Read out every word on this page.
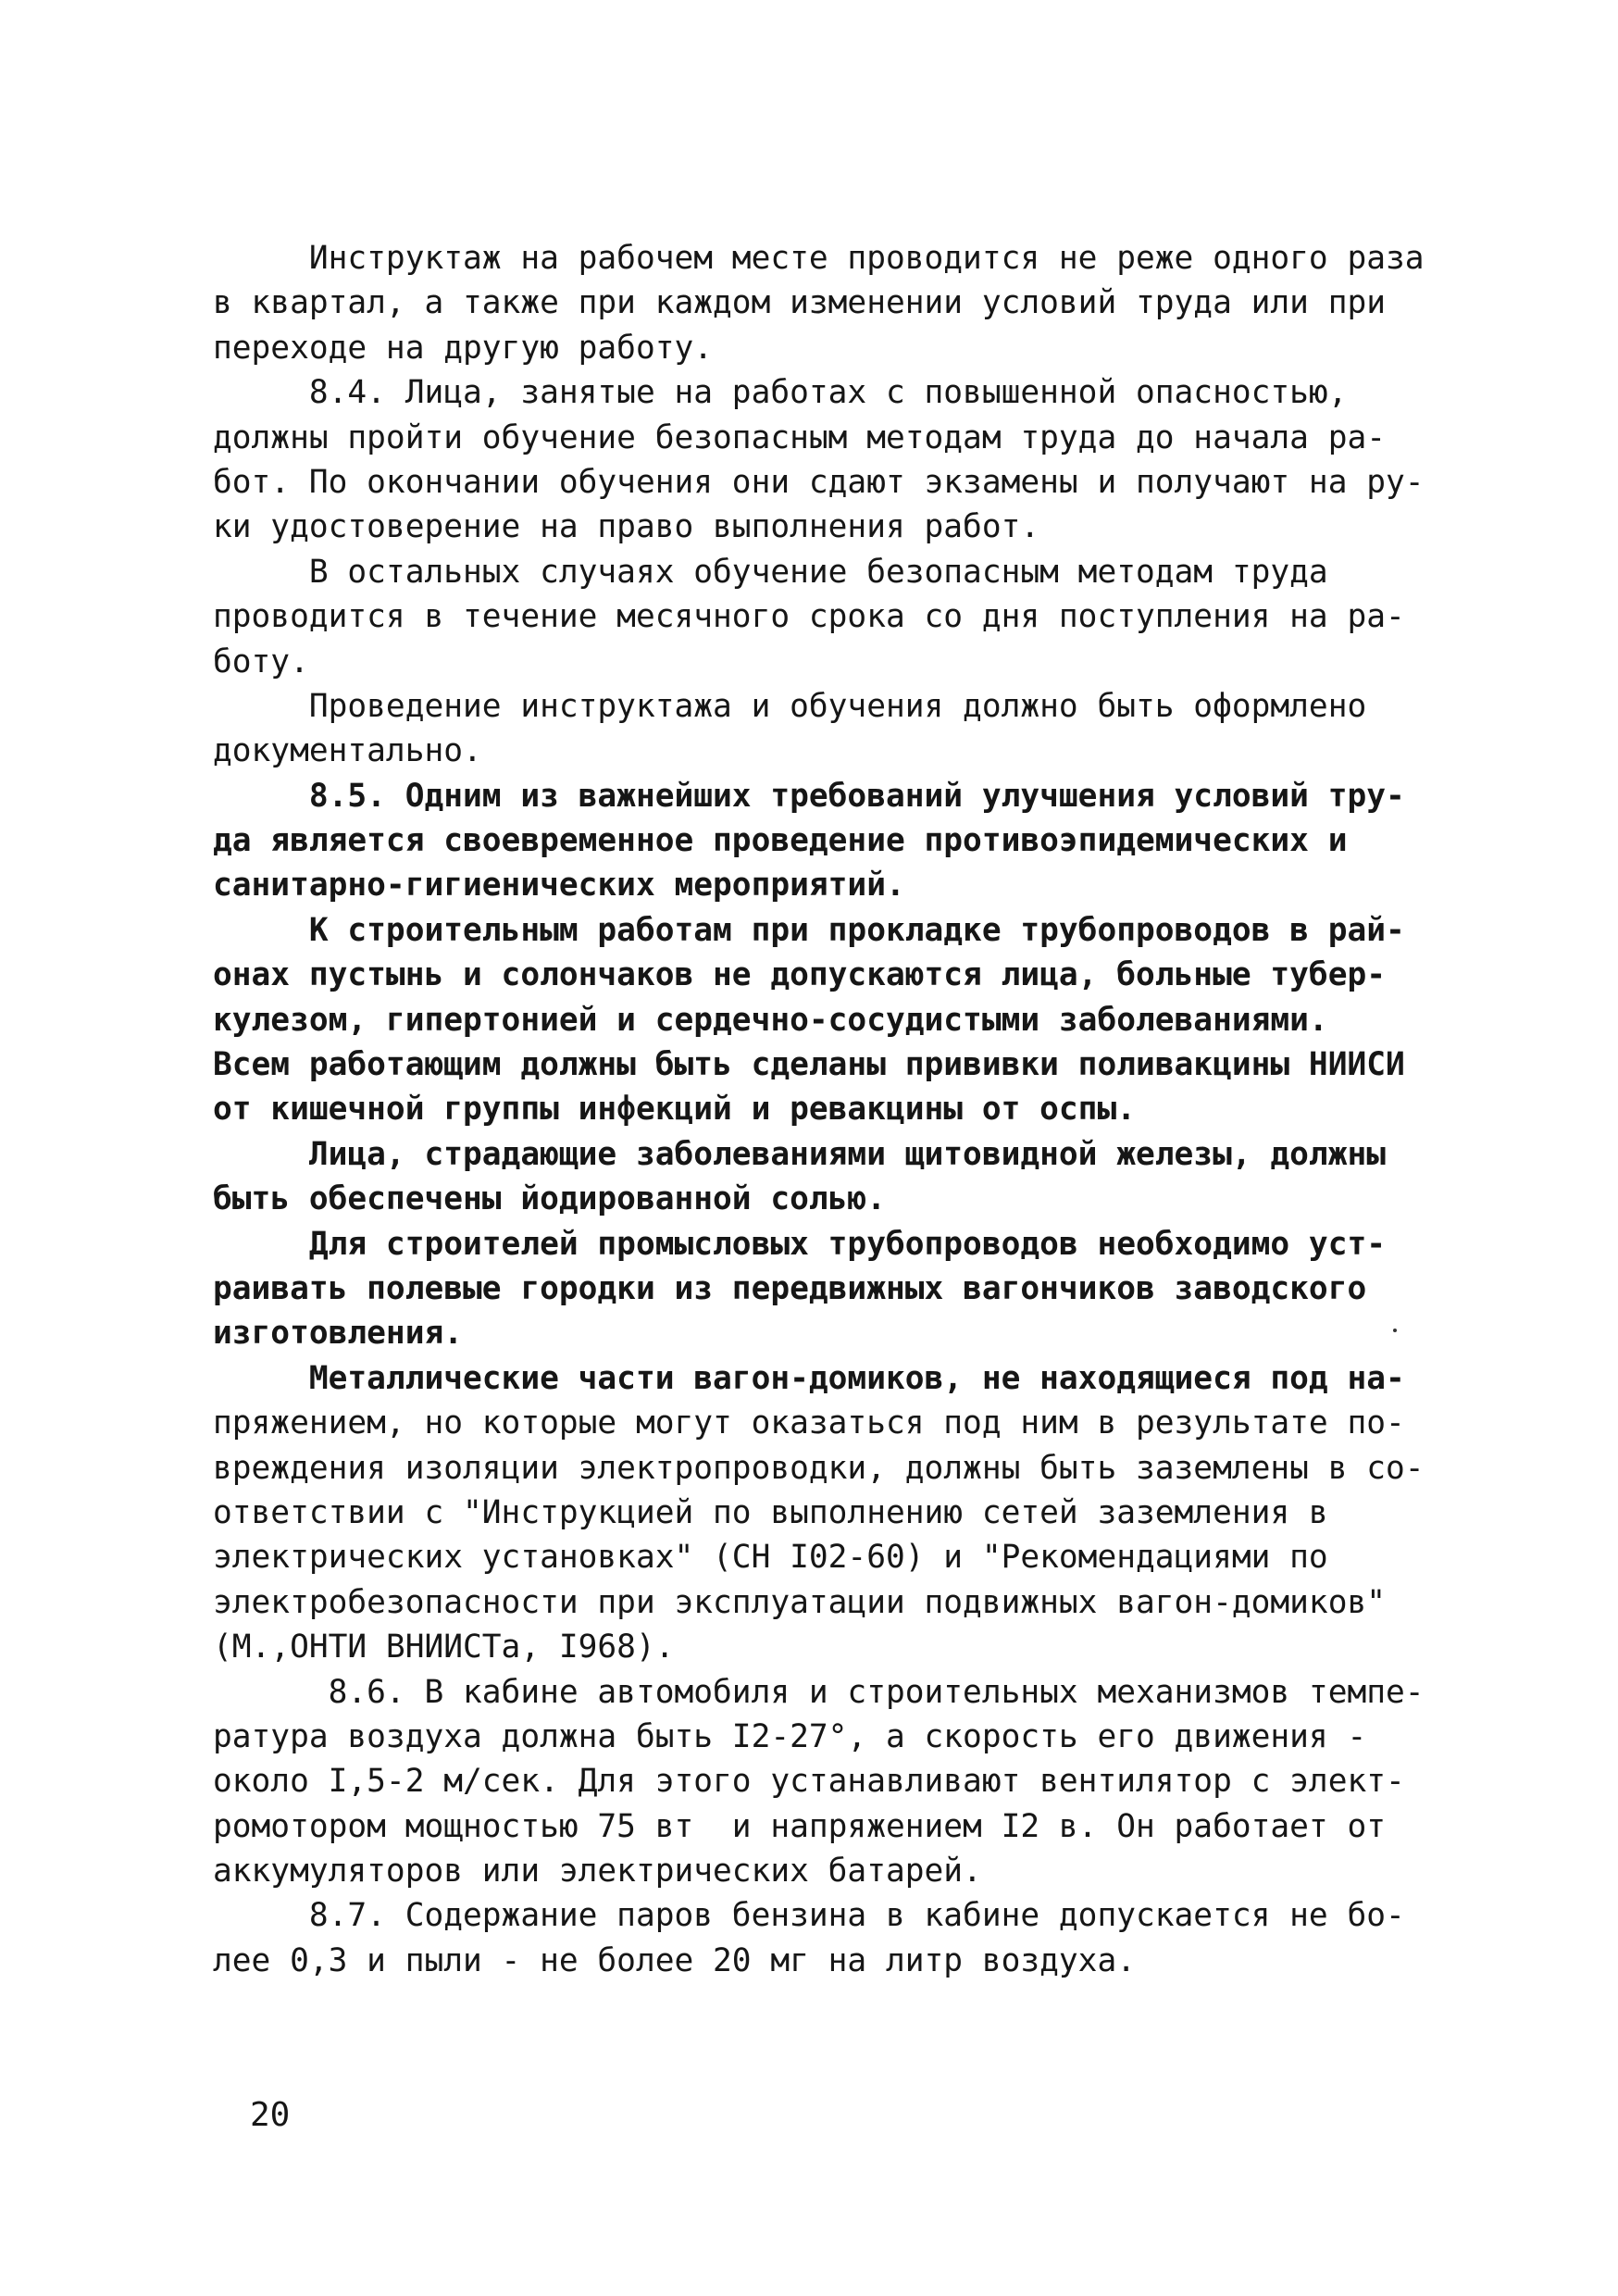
Инструктаж на рабочем месте проводится не реже одного раза
в квартал, а также при каждом изменении условий труда или при
переходе на другую работу.
8.4. Лица, занятые на работах с повышенной опасностью,
должны пройти обучение безопасным методам труда до начала ра-
бот. По окончании обучения они сдают экзамены и получают на ру-
ки удостоверение на право выполнения работ.
В остальных случаях обучение безопасным методам труда
проводится в течение месячного срока со дня поступления на ра-
боту.
Проведение инструктажа и обучения должно быть оформлено
документально.
8.5. Одним из важнейших требований улучшения условий тру-
да является своевременное проведение противоэпидемических и
санитарно-гигиенических мероприятий.
К строительным работам при прокладке трубопроводов в рай-
онах пустынь и солончаков не допускаются лица, больные тубер-
кулезом, гипертонией и сердечно-сосудистыми заболеваниями.
Всем работающим должны быть сделаны прививки поливакцины НИИСИ
от кишечной группы инфекций и ревакцины от оспы.
Лица, страдающие заболеваниями щитовидной железы, должны
быть обеспечены йодированной солью.
Для строителей промысловых трубопроводов необходимо уст-
раивать полевые городки из передвижных вагончиков заводского
изготовления.
Металлические части вагон-домиков, не находящиеся под на-
пряжением, но которые могут оказаться под ним в результате по-
вреждения изоляции электропроводки, должны быть заземлены в со-
ответствии с "Инструкцией по выполнению сетей заземления в
электрических установках" (СН I02-60) и "Рекомендациями по
электробезопасности при эксплуатации подвижных вагон-домиков"
(М.,ОНТИ ВНИИСТа, I968).
8.6. В кабине автомобиля и строительных механизмов темпе-
ратура воздуха должна быть I2-27°, а скорость его движения -
около I,5-2 м/сек. Для этого устанавливают вентилятор с элект-
ромотором мощностью 75 вт  и напряжением I2 в. Он работает от
аккумуляторов или электрических батарей.
8.7. Содержание паров бензина в кабине допускается не бо-
лее 0,3 и пыли - не более 20 мг на литр воздуха.
20
